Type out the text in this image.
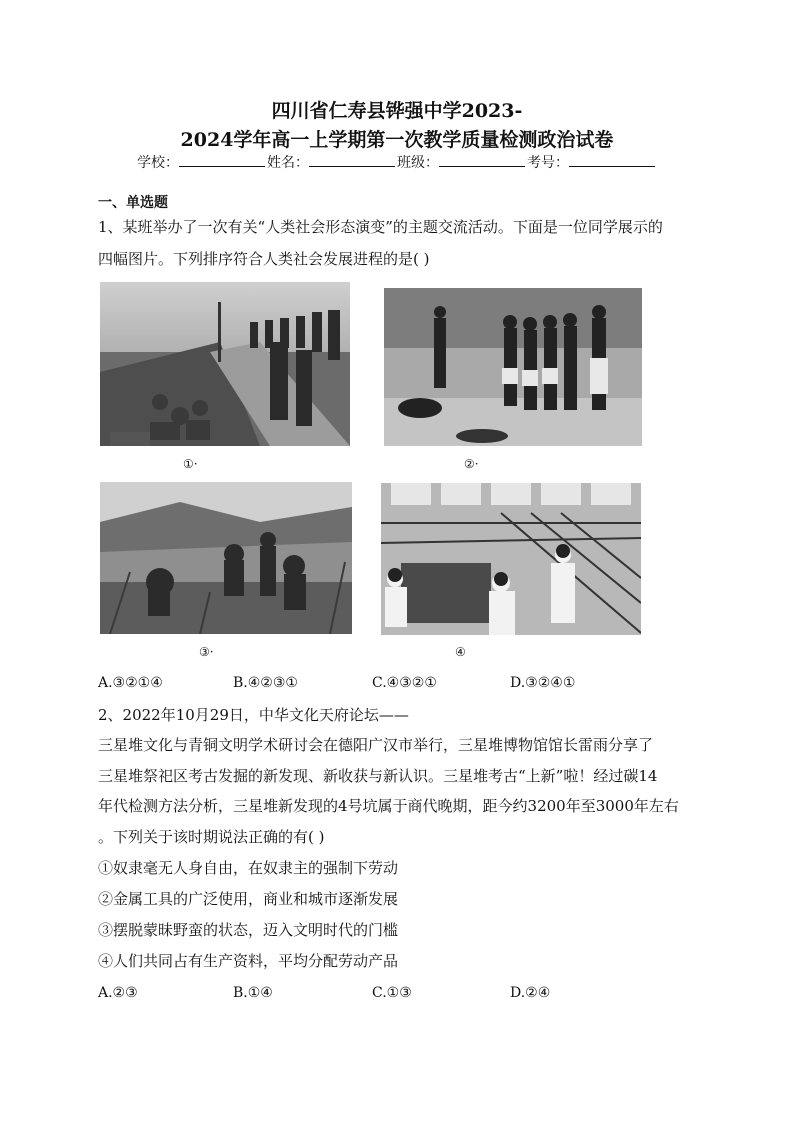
四川省仁寿县铧强中学2023-
2024学年高一上学期第一次教学质量检测政治试卷
学校：	姓名：	班级：	考号：
一、单选题
1、某班举办了一次有关“人类社会形态演变”的主题交流活动。下面是一位同学展示的
四幅图片。下列排序符合人类社会发展进程的是( )
①·	②·
③·	④
A.③②①④	B.④②③①	C.④③②①	D.③②④①
2、2022年10月29日，中华文化天府论坛——
三星堆文化与青铜文明学术研讨会在德阳广汉市举行，三星堆博物馆馆长雷雨分享了
三星堆祭祀区考古发掘的新发现、新收获与新认识。三星堆考古“上新”啦！经过碳14
年代检测方法分析，三星堆新发现的4号坑属于商代晚期，距今约3200年至3000年左右
。下列关于该时期说法正确的有( )
①奴隶毫无人身自由，在奴隶主的强制下劳动
②金属工具的广泛使用，商业和城市逐渐发展
③摆脱蒙昧野蛮的状态，迈入文明时代的门槛
④人们共同占有生产资料，平均分配劳动产品
A.②③	B.①④	C.①③	D.②④
